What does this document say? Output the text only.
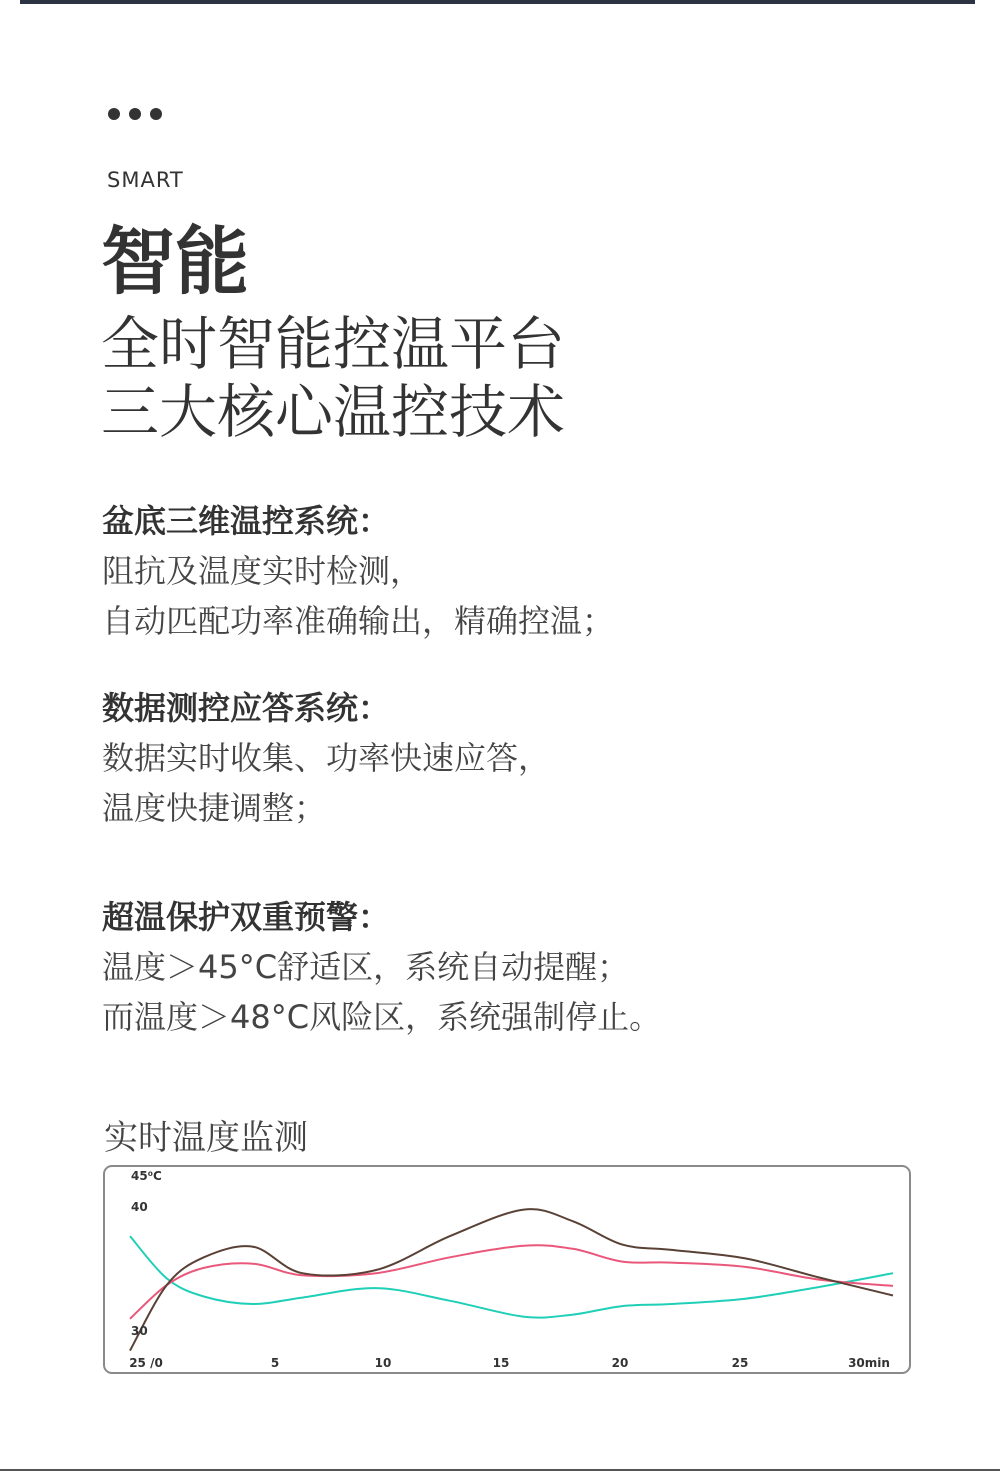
SMART
智能
全时智能控温平台
三大核心温控技术
盆底三维温控系统：
阻抗及温度实时检测，
自动匹配功率准确输出，精确控温；
数据测控应答系统：
数据实时收集、功率快速应答，
温度快捷调整；
超温保护双重预警：
温度＞45°C舒适区，系统自动提醒；
而温度＞48°C风险区，系统强制停止。
实时温度监测
45⁰C
40
30
25 /0	5	10	15	20	25	30min
